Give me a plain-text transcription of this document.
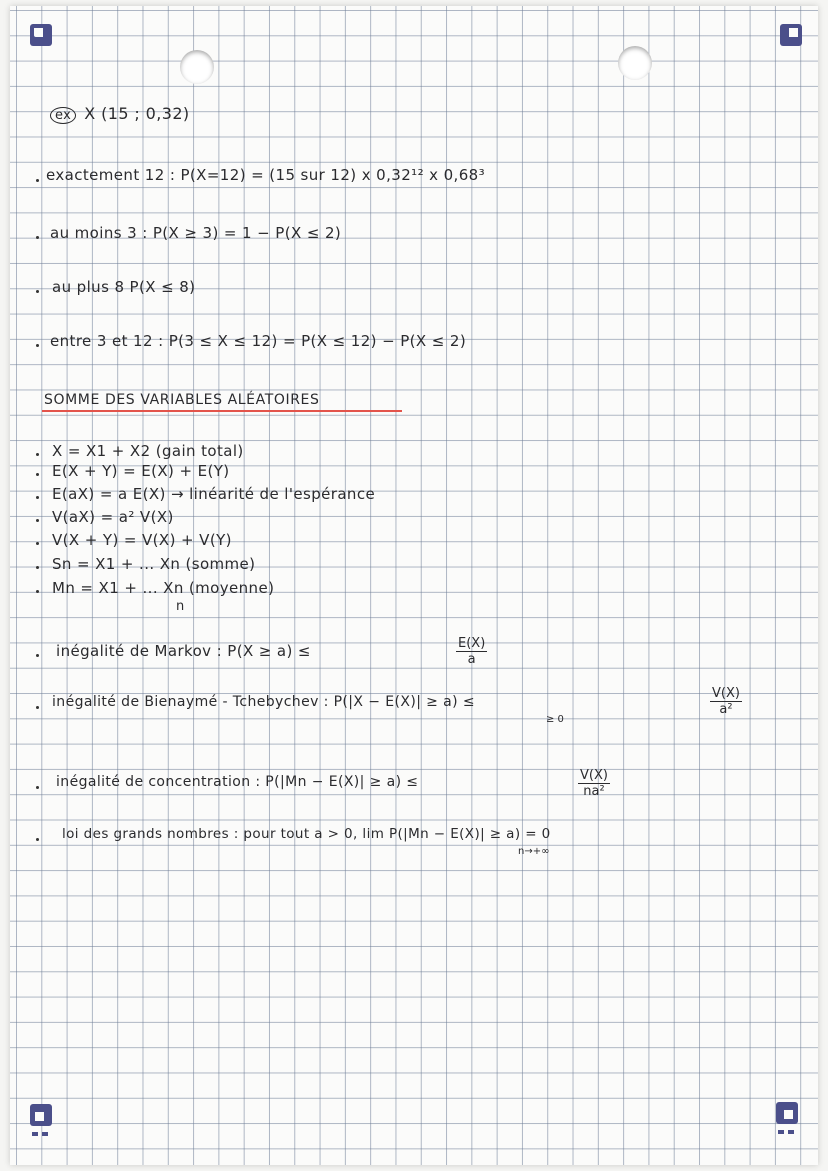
ex X (15 ; 0,32)
exactement 12 : P(X=12) = (15 sur 12) x 0,32¹² x 0,68³
au moins 3 : P(X ≥ 3) = 1 − P(X ≤ 2)
au plus 8 P(X ≤ 8)
entre 3 et 12 : P(3 ≤ X ≤ 12) = P(X ≤ 12) − P(X ≤ 2)
SOMME DES VARIABLES ALÉATOIRES
X = X1 + X2 (gain total)
E(X + Y) = E(X) + E(Y)
E(aX) = a E(X) → linéarité de l'espérance
V(aX) = a² V(X)
V(X + Y) = V(X) + V(Y)
Sn = X1 + ... Xn (somme)
Mn = X1 + ... Xn (moyenne)
n
inégalité de Markov : P(X ≥ a) ≤	$\frac{E(X)}{a}$
inégalité de Bienaymé - Tchebychev : P(|X − E(X)| ≥ a) ≤
≥ 0
$\frac{V(X)}{\text{a²}}$
inégalité de concentration : P(|Mn − E(X)| ≥ a) ≤	$\frac{V(X)}{\text{na²}}$
loi des grands nombres : pour tout a > 0, lim P(|Mn − E(X)| ≥ a) = 0
n→+∞
